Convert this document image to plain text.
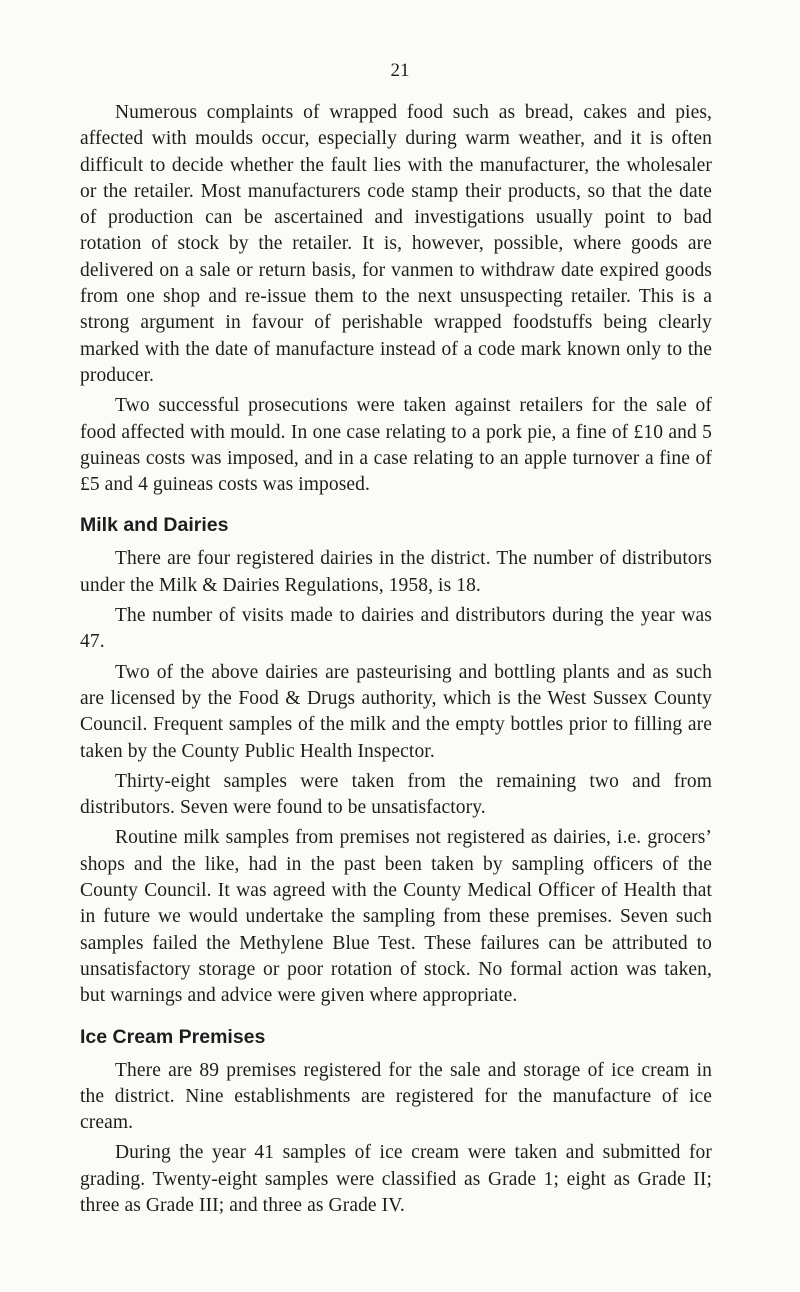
21

Numerous complaints of wrapped food such as bread, cakes and pies, affected with moulds occur, especially during warm weather, and it is often difficult to decide whether the fault lies with the manufacturer, the wholesaler or the retailer. Most manufacturers code stamp their products, so that the date of production can be ascertained and investigations usually point to bad rotation of stock by the retailer. It is, however, possible, where goods are delivered on a sale or return basis, for vanmen to withdraw date expired goods from one shop and re-issue them to the next unsuspecting retailer. This is a strong argument in favour of perishable wrapped foodstuffs being clearly marked with the date of manufacture instead of a code mark known only to the producer.

Two successful prosecutions were taken against retailers for the sale of food affected with mould. In one case relating to a pork pie, a fine of £10 and 5 guineas costs was imposed, and in a case relating to an apple turnover a fine of £5 and 4 guineas costs was imposed.

Milk and Dairies

There are four registered dairies in the district. The number of distributors under the Milk & Dairies Regulations, 1958, is 18.

The number of visits made to dairies and distributors during the year was 47.

Two of the above dairies are pasteurising and bottling plants and as such are licensed by the Food & Drugs authority, which is the West Sussex County Council. Frequent samples of the milk and the empty bottles prior to filling are taken by the County Public Health Inspector.

Thirty-eight samples were taken from the remaining two and from distributors. Seven were found to be unsatisfactory.

Routine milk samples from premises not registered as dairies, i.e. grocers’ shops and the like, had in the past been taken by sampling officers of the County Council. It was agreed with the County Medical Officer of Health that in future we would undertake the sampling from these premises. Seven such samples failed the Methylene Blue Test. These failures can be attributed to unsatisfactory storage or poor rotation of stock. No formal action was taken, but warnings and advice were given where appropriate.

Ice Cream Premises

There are 89 premises registered for the sale and storage of ice cream in the district. Nine establishments are registered for the manufacture of ice cream.

During the year 41 samples of ice cream were taken and submitted for grading. Twenty-eight samples were classified as Grade 1; eight as Grade II; three as Grade III; and three as Grade IV.
